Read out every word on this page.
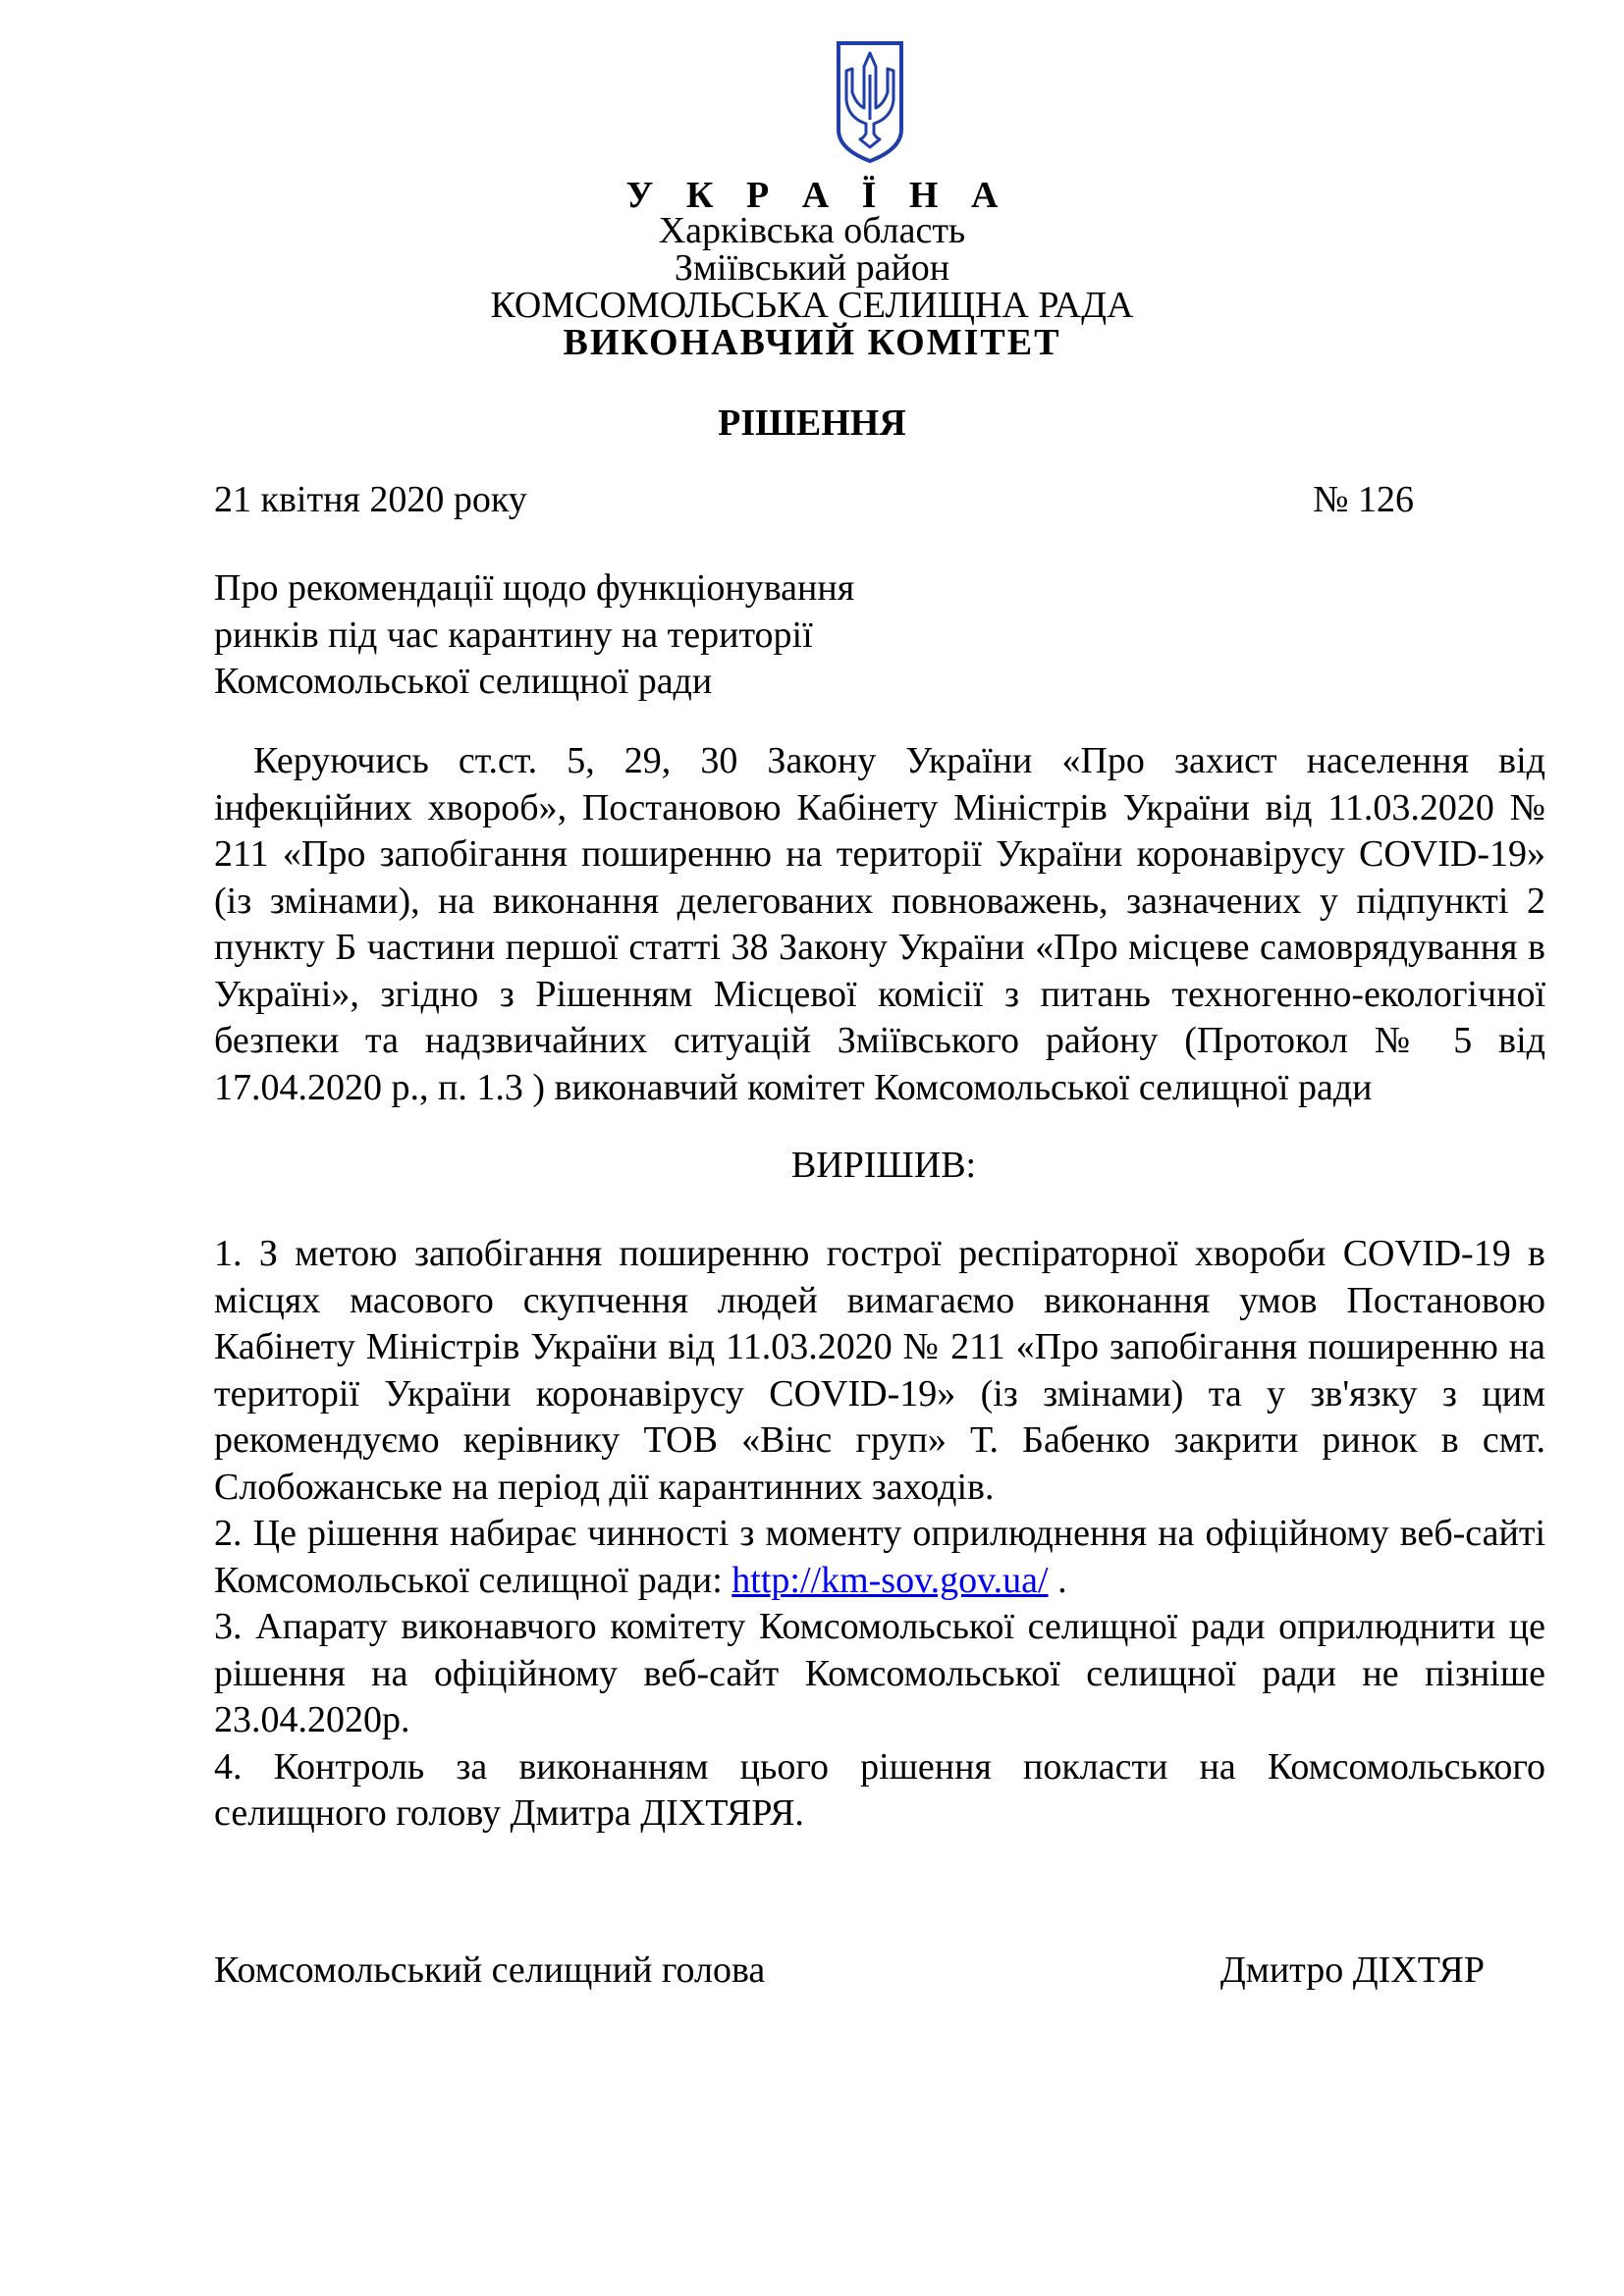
У К Р А Ї Н А
Харківська область
Зміївський район
КОМСОМОЛЬСЬКА СЕЛИЩНА РАДА
ВИКОНАВЧИЙ КОМІТЕТ
РІШЕННЯ
21 квітня 2020 року	№ 126
Про рекомендації щодо функціонування
ринків під час карантину на території
Комсомольської селищної ради
Керуючись ст.ст. 5, 29, 30 Закону України «Про захист населення від інфекційних хвороб», Постановою Кабінету Міністрів України від 11.03.2020 № 211 «Про запобігання поширенню на території України коронавірусу COVID-19» (із змінами), на виконання делегованих повноважень, зазначених у підпункті 2 пункту Б частини першої статті 38 Закону України «Про місцеве самоврядування в Україні», згідно з Рішенням Місцевої комісії з питань техногенно-екологічної безпеки та надзвичайних ситуацій Зміївського району (Протокол № 5 від 17.04.2020 р., п. 1.3 ) виконавчий комітет Комсомольської селищної ради
ВИРІШИВ:
1. З метою запобігання поширенню гострої респіраторної хвороби COVID-19 в місцях масового скупчення людей вимагаємо виконання умов Постановою Кабінету Міністрів України від 11.03.2020 № 211 «Про запобігання поширенню на території України коронавірусу COVID-19» (із змінами) та у зв'язку з цим рекомендуємо керівнику ТОВ «Вінс груп» Т. Бабенко закрити ринок в смт. Слобожанське на період дії карантинних заходів.
2. Це рішення набирає чинності з моменту оприлюднення на офіційному веб-сайті Комсомольської селищної ради: http://km-sov.gov.ua/ .
3. Апарату виконавчого комітету Комсомольської селищної ради оприлюднити це рішення на офіційному веб-сайт Комсомольської селищної ради не пізніше 23.04.2020р.
4. Контроль за виконанням цього рішення покласти на Комсомольського селищного голову Дмитра ДІХТЯРЯ.
Комсомольський селищний голова	Дмитро ДІХТЯР
